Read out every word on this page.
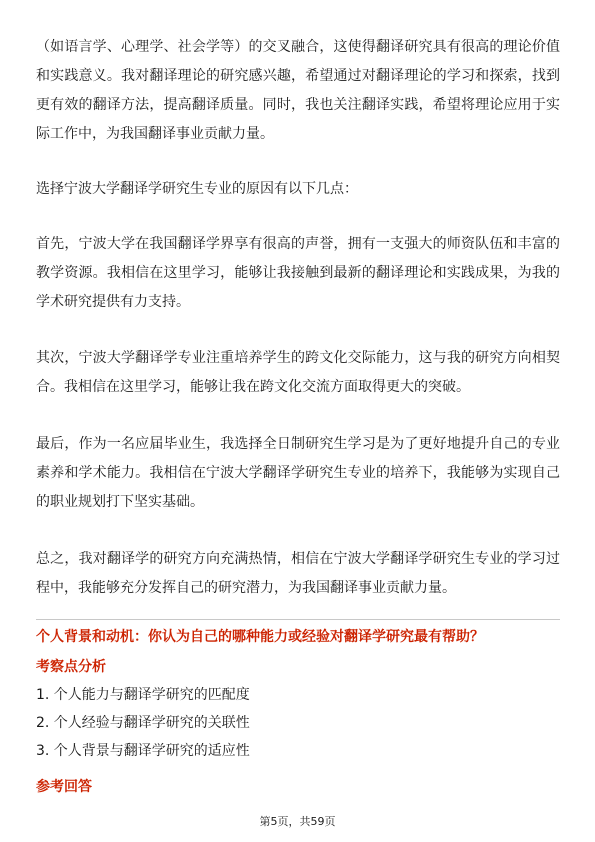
（如语言学、心理学、社会学等）的交叉融合，这使得翻译研究具有很高的理论价值和实践意义。我对翻译理论的研究感兴趣，希望通过对翻译理论的学习和探索，找到更有效的翻译方法，提高翻译质量。同时，我也关注翻译实践，希望将理论应用于实际工作中，为我国翻译事业贡献力量。

选择宁波大学翻译学研究生专业的原因有以下几点：

首先，宁波大学在我国翻译学界享有很高的声誉，拥有一支强大的师资队伍和丰富的教学资源。我相信在这里学习，能够让我接触到最新的翻译理论和实践成果，为我的学术研究提供有力支持。

其次，宁波大学翻译学专业注重培养学生的跨文化交际能力，这与我的研究方向相契合。我相信在这里学习，能够让我在跨文化交流方面取得更大的突破。

最后，作为一名应届毕业生，我选择全日制研究生学习是为了更好地提升自己的专业素养和学术能力。我相信在宁波大学翻译学研究生专业的培养下，我能够为实现自己的职业规划打下坚实基础。

总之，我对翻译学的研究方向充满热情，相信在宁波大学翻译学研究生专业的学习过程中，我能够充分发挥自己的研究潜力，为我国翻译事业贡献力量。

个人背景和动机：你认为自己的哪种能力或经验对翻译学研究最有帮助？

考察点分析

1. 个人能力与翻译学研究的匹配度

2. 个人经验与翻译学研究的关联性

3. 个人背景与翻译学研究的适应性

参考回答

第5页，共59页
